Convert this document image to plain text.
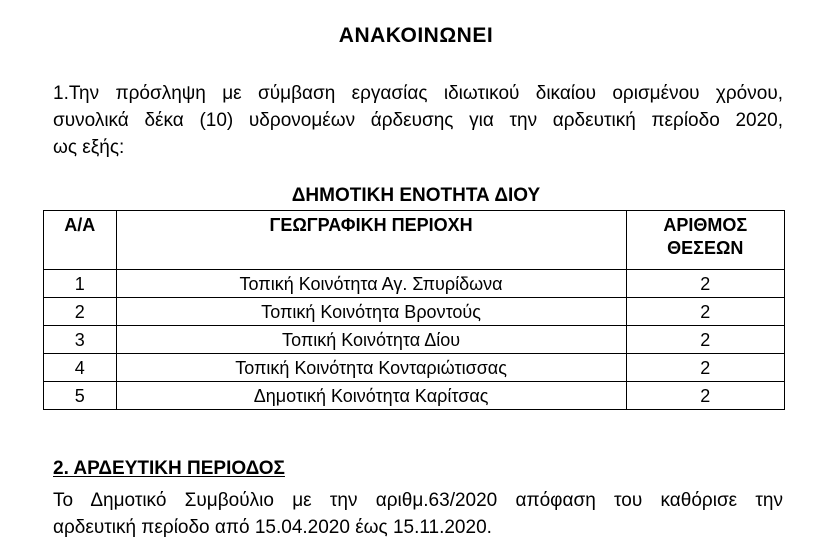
ΑΝΑΚΟΙΝΩΝΕΙ
1.Την πρόσληψη με σύμβαση εργασίας ιδιωτικού δικαίου ορισμένου χρόνου,
συνολικά δέκα (10) υδρονομέων άρδευσης για την αρδευτική περίοδο 2020,
ως εξής:
ΔΗΜΟΤΙΚΗ ΕΝΟΤΗΤΑ ΔΙΟΥ
Α/Α	ΓΕΩΓΡΑΦΙΚΗ ΠΕΡΙΟΧΗ	ΑΡΙΘΜΟΣ
ΘΕΣΕΩΝ
1	Τοπική Κοινότητα Αγ. Σπυρίδωνα	2
2	Τοπική Κοινότητα Βροντούς	2
3	Τοπική Κοινότητα Δίου	2
4	Τοπική Κοινότητα Κονταριώτισσας	2
5	Δημοτική Κοινότητα Καρίτσας	2
2. ΑΡΔΕΥΤΙΚΗ ΠΕΡΙΟΔΟΣ
Το Δημοτικό Συμβούλιο με την αριθμ.63/2020 απόφαση του καθόρισε την
αρδευτική περίοδο από 15.04.2020 έως 15.11.2020.
